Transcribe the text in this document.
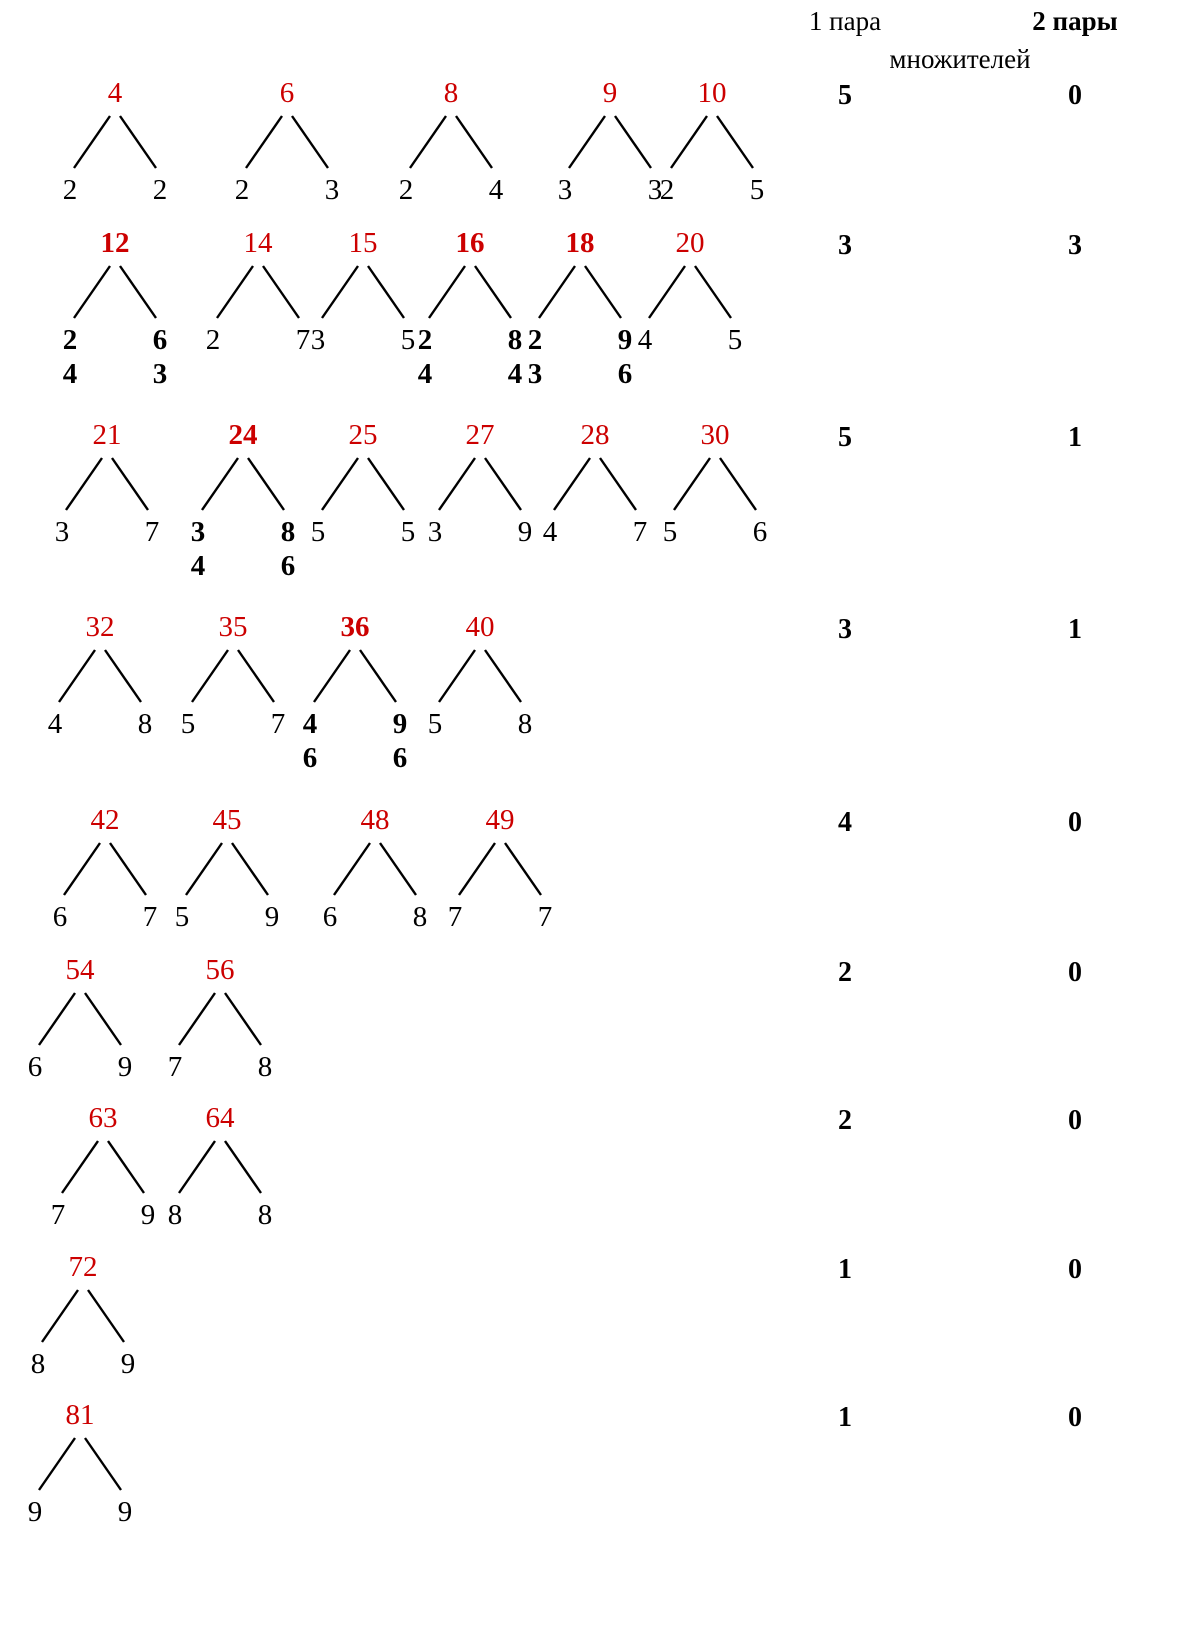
1 пара	2 пары
множителей
4
2	2
6
2	3
8
2	4
9
3	3
10
2	5
5	0
12
2	6
4	3
14
2	7
15
3	5
16
2	8
4	4
18
2	9
3	6
20
4	5
3	3
21
3	7
24
3	8
4	6
25
5	5
27
3	9
28
4	7
30
5	6
5	1
32
4	8
35
5	7
36
4	9
6	6
40
5	8
3	1
42
6	7
45
5	9
48
6	8
49
7	7
4	0
54
6	9
56
7	8
2	0
63
7	9
64
8	8
2	0
72
8	9
1	0
81
9	9
1	0
